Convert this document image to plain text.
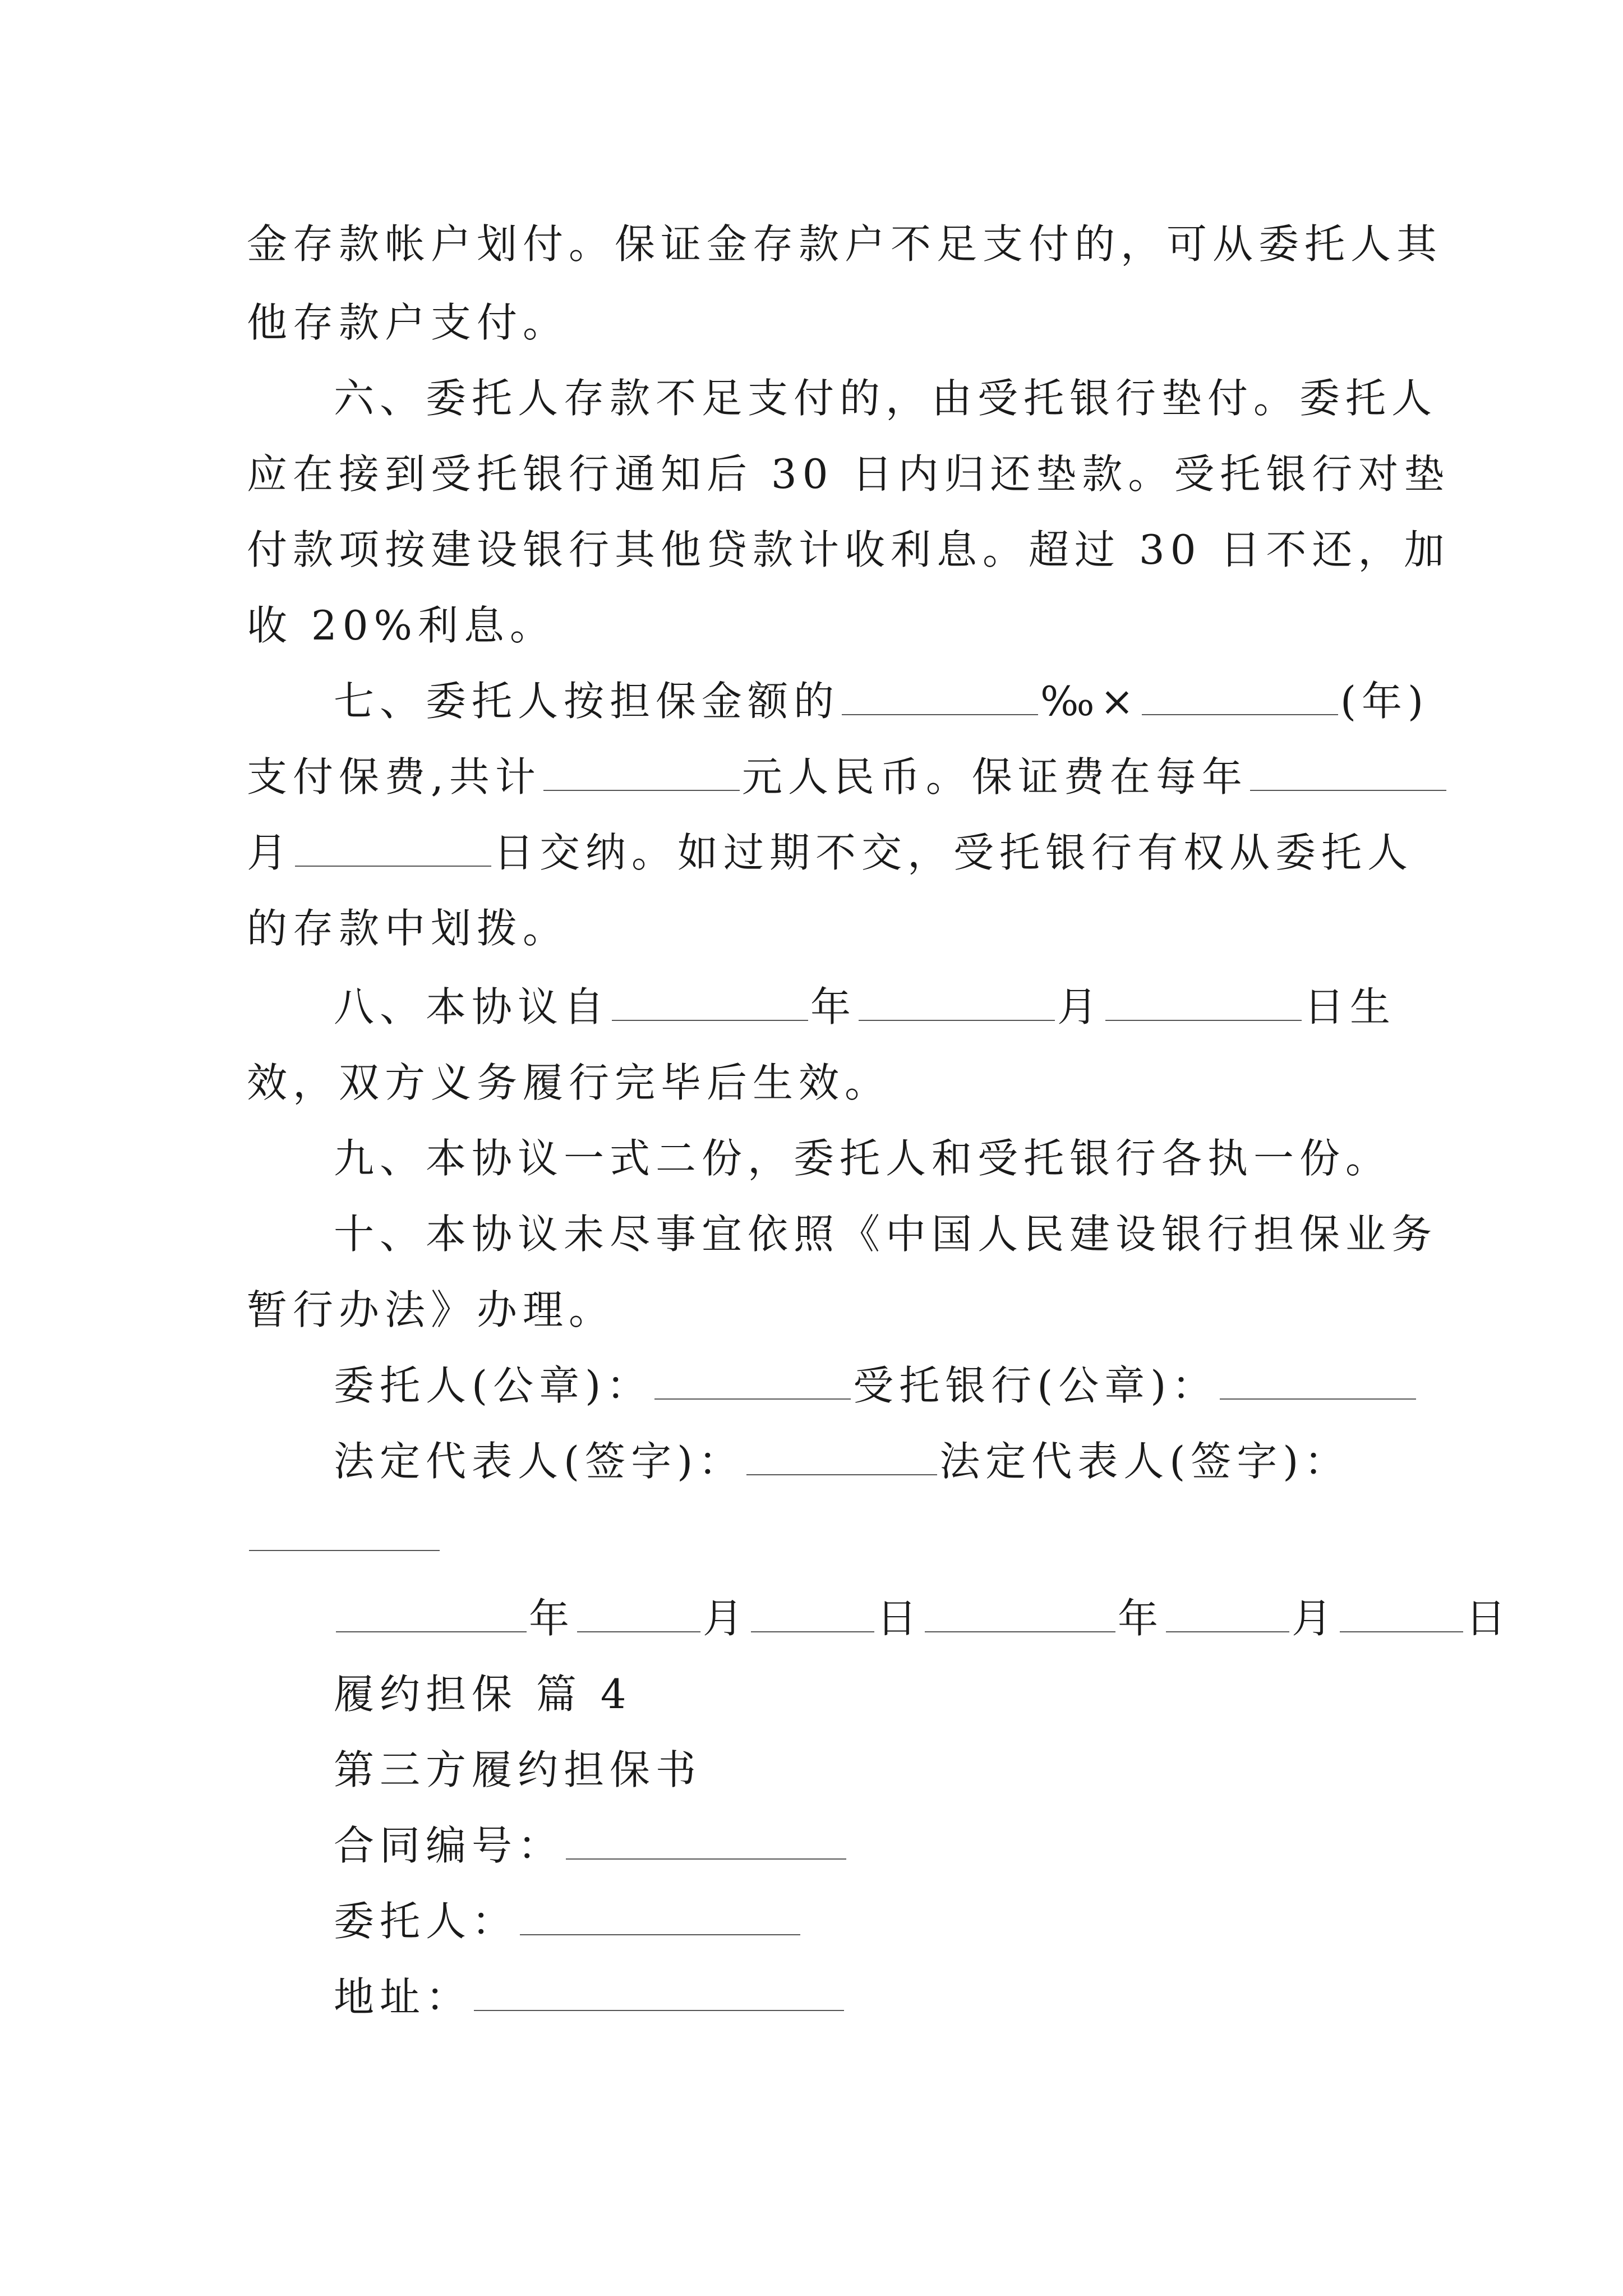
金存款帐户划付。保证金存款户不足支付的，可从委托人其
他存款户支付。
六、委托人存款不足支付的，由受托银行垫付。委托人
应在接到受托银行通知后 30 日内归还垫款。受托银行对垫
付款项按建设银行其他贷款计收利息。超过 30 日不还，加
收 20%利息。
七、委托人按担保金额的	‰×	(年)
支付保费,共计	元人民币。保证费在每年
月	日交纳。如过期不交，受托银行有权从委托人
的存款中划拨。
八、本协议自	年	月	日生
效，双方义务履行完毕后生效。
九、本协议一式二份，委托人和受托银行各执一份。
十、本协议未尽事宜依照《中国人民建设银行担保业务
暂行办法》办理。
委托人(公章)：	受托银行(公章)：
法定代表人(签字)：	法定代表人(签字)：
年	月	日	年	月	日
履约担保 篇 4
第三方履约担保书
合同编号：
委托人：
地址：
